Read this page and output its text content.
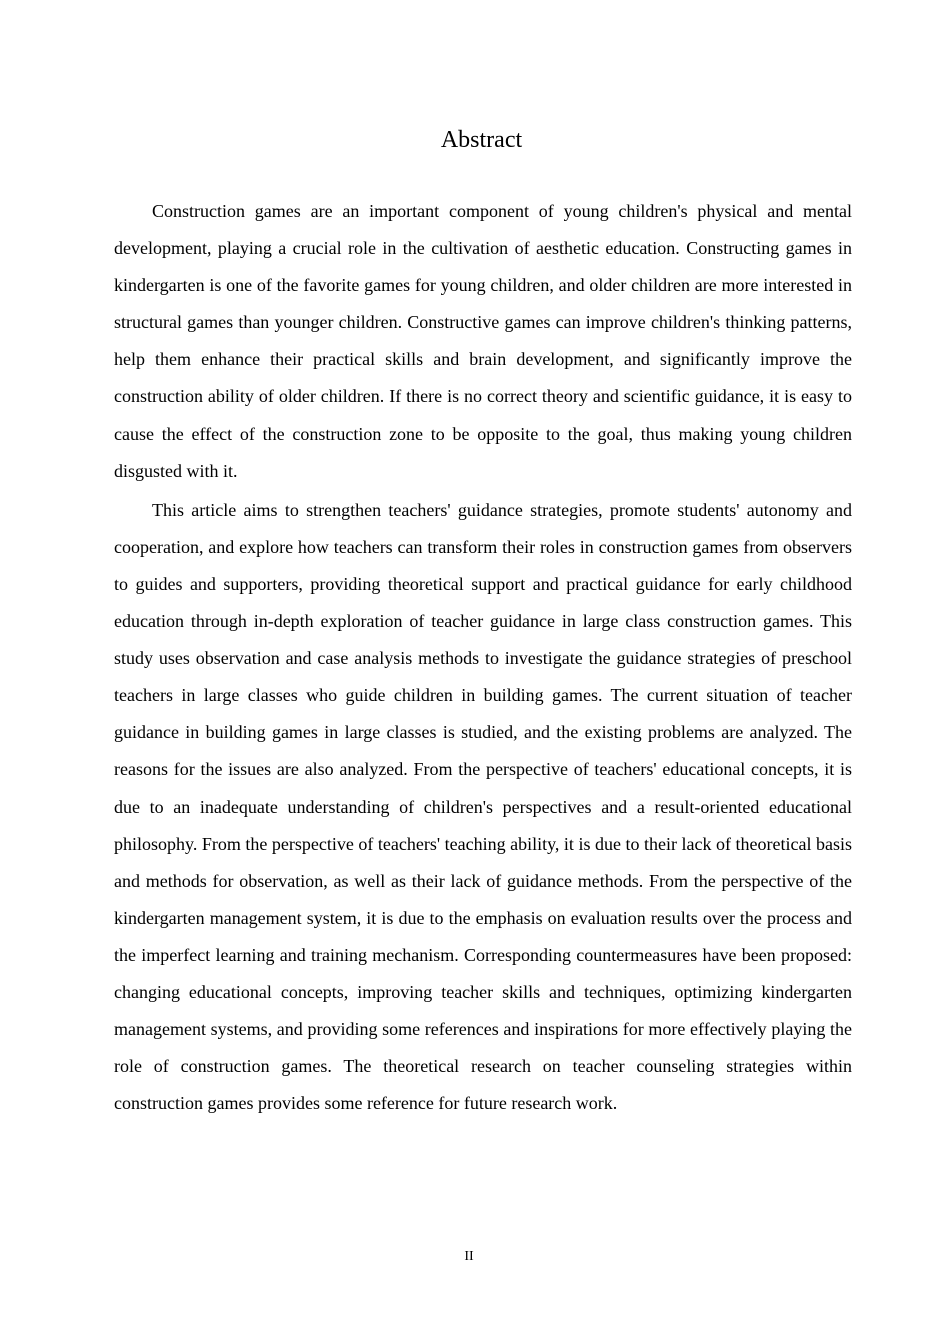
Abstract

Construction games are an important component of young children's physical and mental development, playing a crucial role in the cultivation of aesthetic education. Constructing games in kindergarten is one of the favorite games for young children, and older children are more interested in structural games than younger children. Constructive games can improve children's thinking patterns, help them enhance their practical skills and brain development, and significantly improve the construction ability of older children. If there is no correct theory and scientific guidance, it is easy to cause the effect of the construction zone to be opposite to the goal, thus making young children disgusted with it.

This article aims to strengthen teachers' guidance strategies, promote students' autonomy and cooperation, and explore how teachers can transform their roles in construction games from observers to guides and supporters, providing theoretical support and practical guidance for early childhood education through in-depth exploration of teacher guidance in large class construction games. This study uses observation and case analysis methods to investigate the guidance strategies of preschool teachers in large classes who guide children in building games. The current situation of teacher guidance in building games in large classes is studied, and the existing problems are analyzed. The reasons for the issues are also analyzed. From the perspective of teachers' educational concepts, it is due to an inadequate understanding of children's perspectives and a result-oriented educational philosophy. From the perspective of teachers' teaching ability, it is due to their lack of theoretical basis and methods for observation, as well as their lack of guidance methods. From the perspective of the kindergarten management system, it is due to the emphasis on evaluation results over the process and the imperfect learning and training mechanism. Corresponding countermeasures have been proposed: changing educational concepts, improving teacher skills and techniques, optimizing kindergarten management systems, and providing some references and inspirations for more effectively playing the role of construction games. The theoretical research on teacher counseling strategies within construction games provides some reference for future research work.

II
